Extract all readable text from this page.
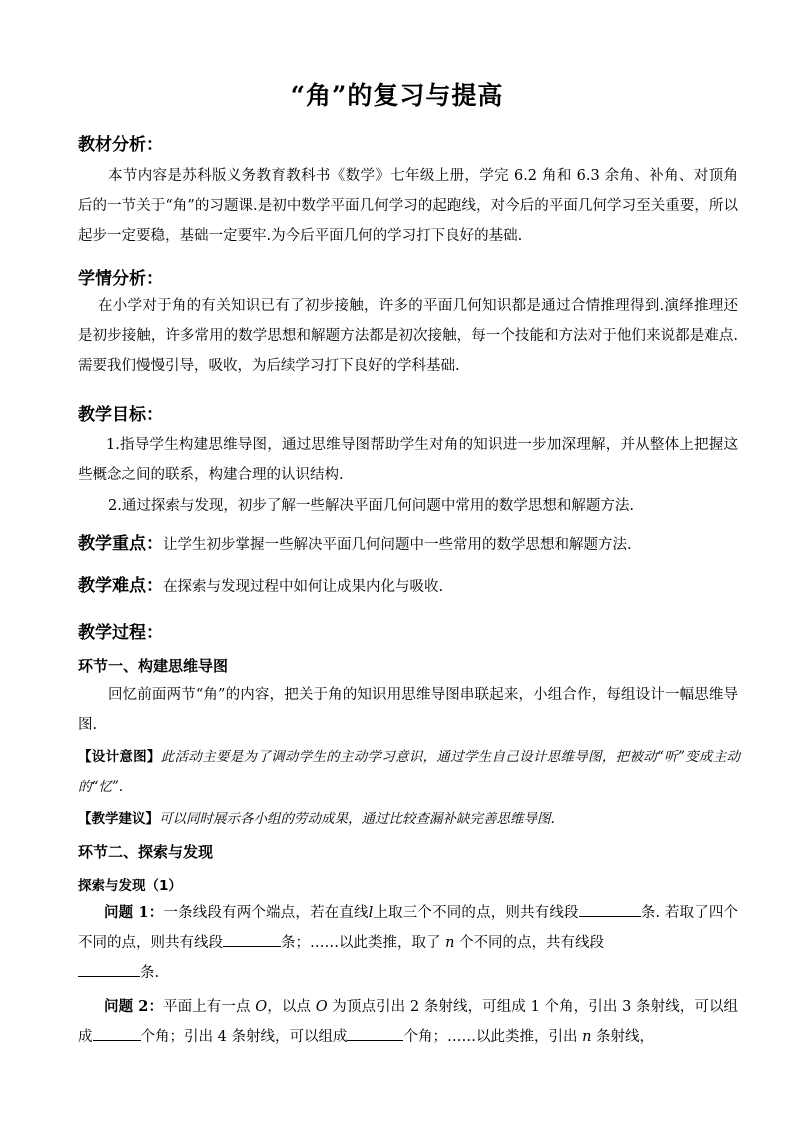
“角”的复习与提高
教材分析：
本节内容是苏科版义务教育教科书《数学》七年级上册，学完 6.2 角和 6.3 余角、补角、对顶角后的一节关于“角”的习题课.是初中数学平面几何学习的起跑线，对今后的平面几何学习至关重要，所以起步一定要稳，基础一定要牢.为今后平面几何的学习打下良好的基础.
学情分析：
在小学对于角的有关知识已有了初步接触，许多的平面几何知识都是通过合情推理得到.演绎推理还是初步接触，许多常用的数学思想和解题方法都是初次接触，每一个技能和方法对于他们来说都是难点.需要我们慢慢引导，吸收，为后续学习打下良好的学科基础.
教学目标：
1.指导学生构建思维导图，通过思维导图帮助学生对角的知识进一步加深理解，并从整体上把握这些概念之间的联系，构建合理的认识结构.
2.通过探索与发现，初步了解一些解决平面几何问题中常用的数学思想和解题方法.
教学重点：让学生初步掌握一些解决平面几何问题中一些常用的数学思想和解题方法.
教学难点：在探索与发现过程中如何让成果内化与吸收.
教学过程：
环节一、构建思维导图
回忆前面两节“角”的内容，把关于角的知识用思维导图串联起来，小组合作，每组设计一幅思维导图.
【设计意图】此活动主要是为了调动学生的主动学习意识，通过学生自己设计思维导图，把被动“听”变成主动的“忆”.
【教学建议】可以同时展示各小组的劳动成果，通过比较查漏补缺完善思维导图.
环节二、探索与发现
探索与发现（1）
问题 1：一条线段有两个端点，若在直线l上取三个不同的点，则共有线段	条. 若取了四个不同的点，则共有线段	条；……以此类推，取了 n 个不同的点，共有线段
条.
问题 2：平面上有一点 O，以点 O 为顶点引出 2 条射线，可组成 1 个角，引出 3 条射线，可以组成	个角；引出 4 条射线，可以组成	个角；……以此类推，引出 n 条射线，
